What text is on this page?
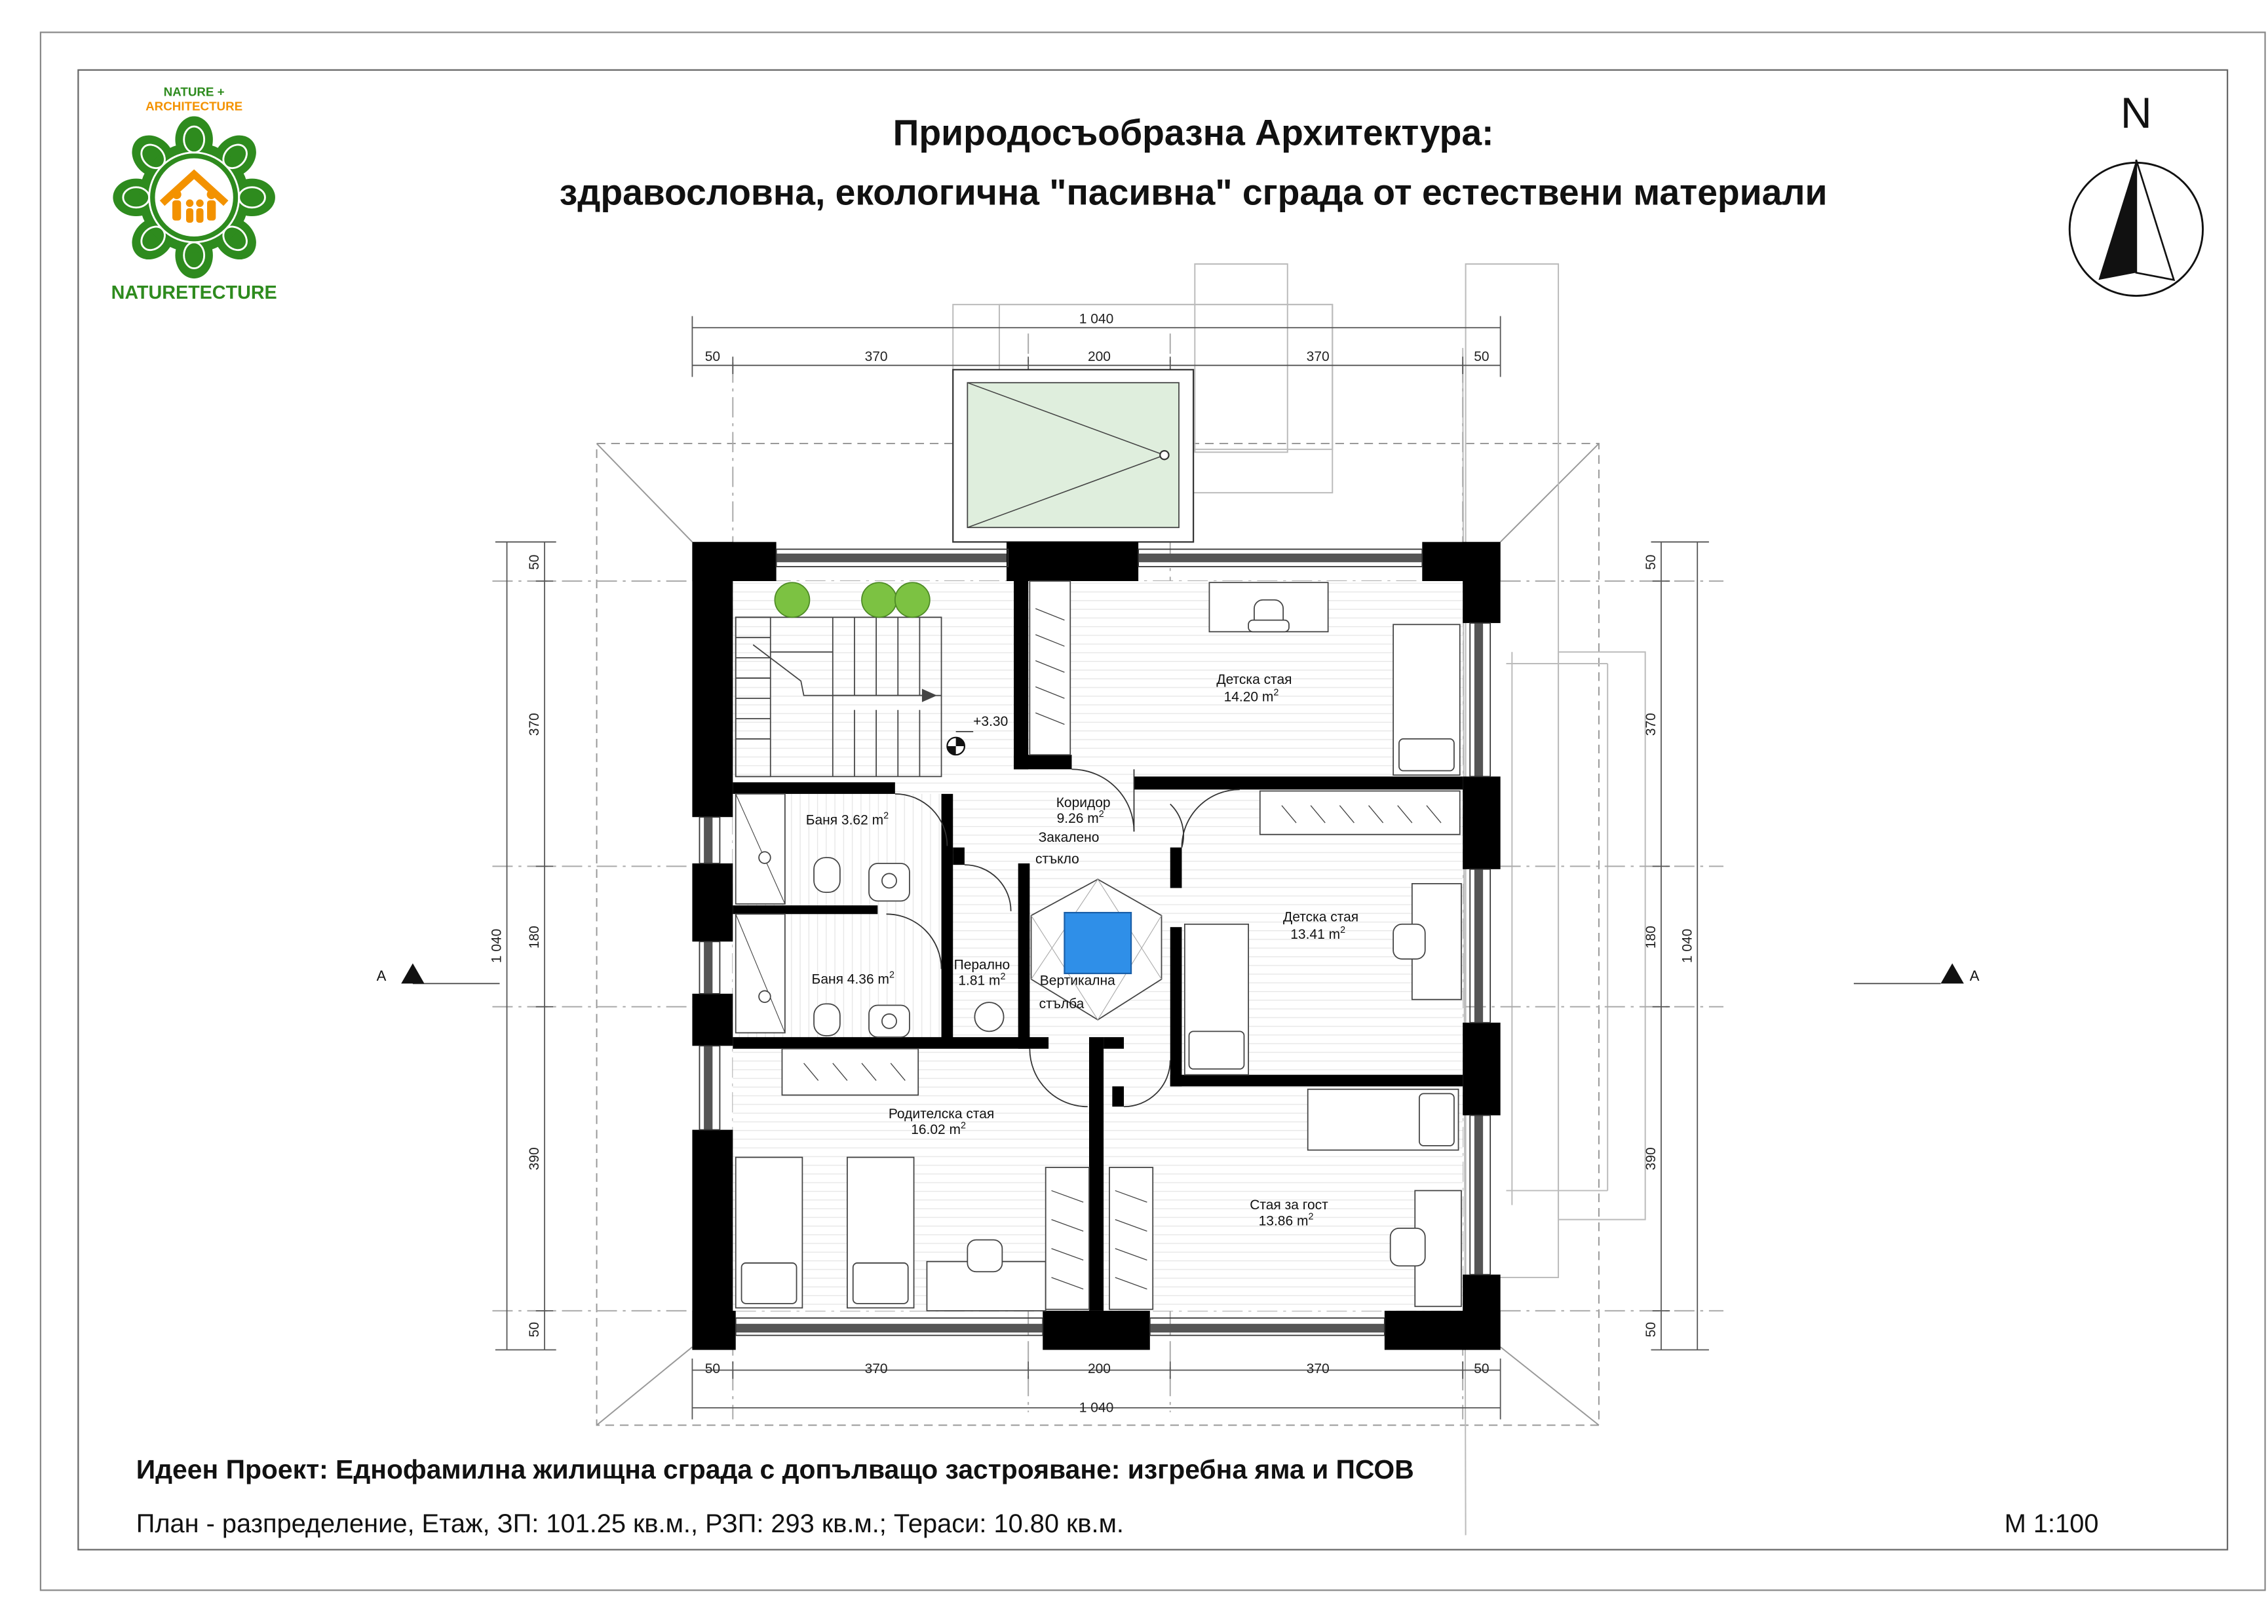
NATURE +
ARCHITECTURE
NATURETECTURE
Природосъобразна Архитектура:
здравословна, екологична "пасивна" сграда от естествени материали
N
1 040
50	370	200	370	50
50	370	200	370	50
1 040
1 040
50
370
180
390
50
50
370
180
390
50
1 040
A	A
+3.30
Детска стая
14.20 $m^2$
Детска стая
13.41 $m^2$
Коридор
9.26 $m^2$
Закалено
стъкло
Баня 3.62 $m^2$
Баня 4.36 $m^2$
Перално
1.81 $m^2$	Вертикална
стълба
Родителска стая
16.02 $m^2$
Стая за гост
13.86 $m^2$
Идеен Проект: Еднофамилна жилищна сграда с допълващо застрояване: изгребна яма и ПСОВ
План - разпределение, Етаж, ЗП: 101.25 кв.м., РЗП: 293 кв.м.; Тераси: 10.80 кв.м.	М 1:100
